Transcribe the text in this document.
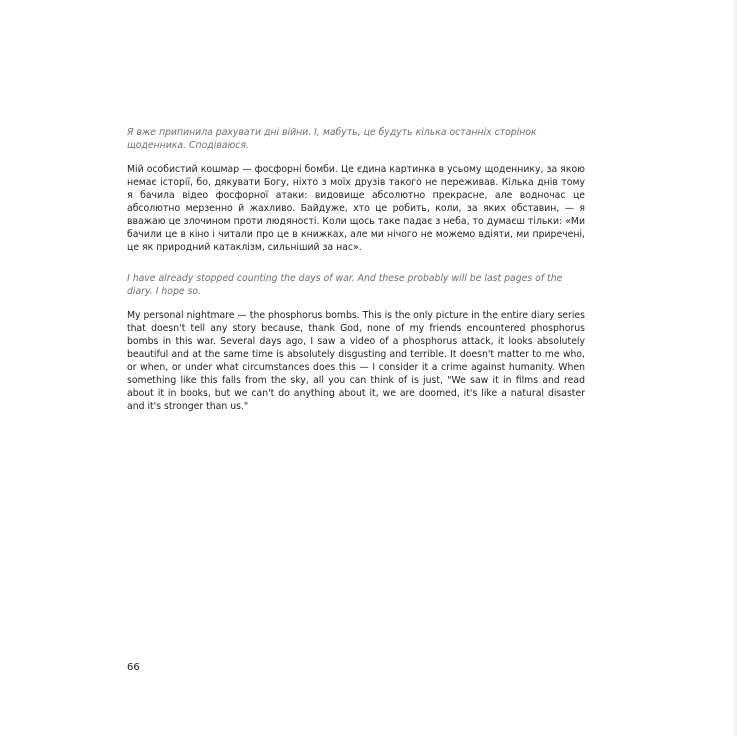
Я вже припинила рахувати дні війни. І, мабуть, це будуть кілька останніх сторінок щоденника. Сподіваюся.

Мій особистий кошмар — фосфорні бомби. Це єдина картинка в усьому щоденнику, за якою немає історії, бо, дякувати Богу, ніхто з моїх друзів такого не переживав. Кілька днів тому я бачила відео фосфорної атаки: видовище абсолютно прекрасне, але водночас це абсолютно мерзенно й жахливо. Байдуже, хто це робить, коли, за яких обставин, — я вважаю це злочином проти людяності. Коли щось таке падає з неба, то думаєш тільки: «Ми бачили це в кіно і читали про це в книжках, але ми нічого не можемо вдіяти, ми приречені, це як природний катаклізм, сильніший за нас».

I have already stopped counting the days of war. And these probably will be last pages of the diary. I hope so.

My personal nightmare — the phosphorus bombs. This is the only picture in the entire diary series that doesn't tell any story because, thank God, none of my friends encountered phosphorus bombs in this war. Several days ago, I saw a video of a phosphorus attack, it looks absolutely beautiful and at the same time is absolutely disgusting and terrible. It doesn't matter to me who, or when, or under what circumstances does this — I consider it a crime against humanity. When something like this falls from the sky, all you can think of is just, "We saw it in films and read about it in books, but we can't do anything about it, we are doomed, it's like a natural disaster and it's stronger than us."

66
